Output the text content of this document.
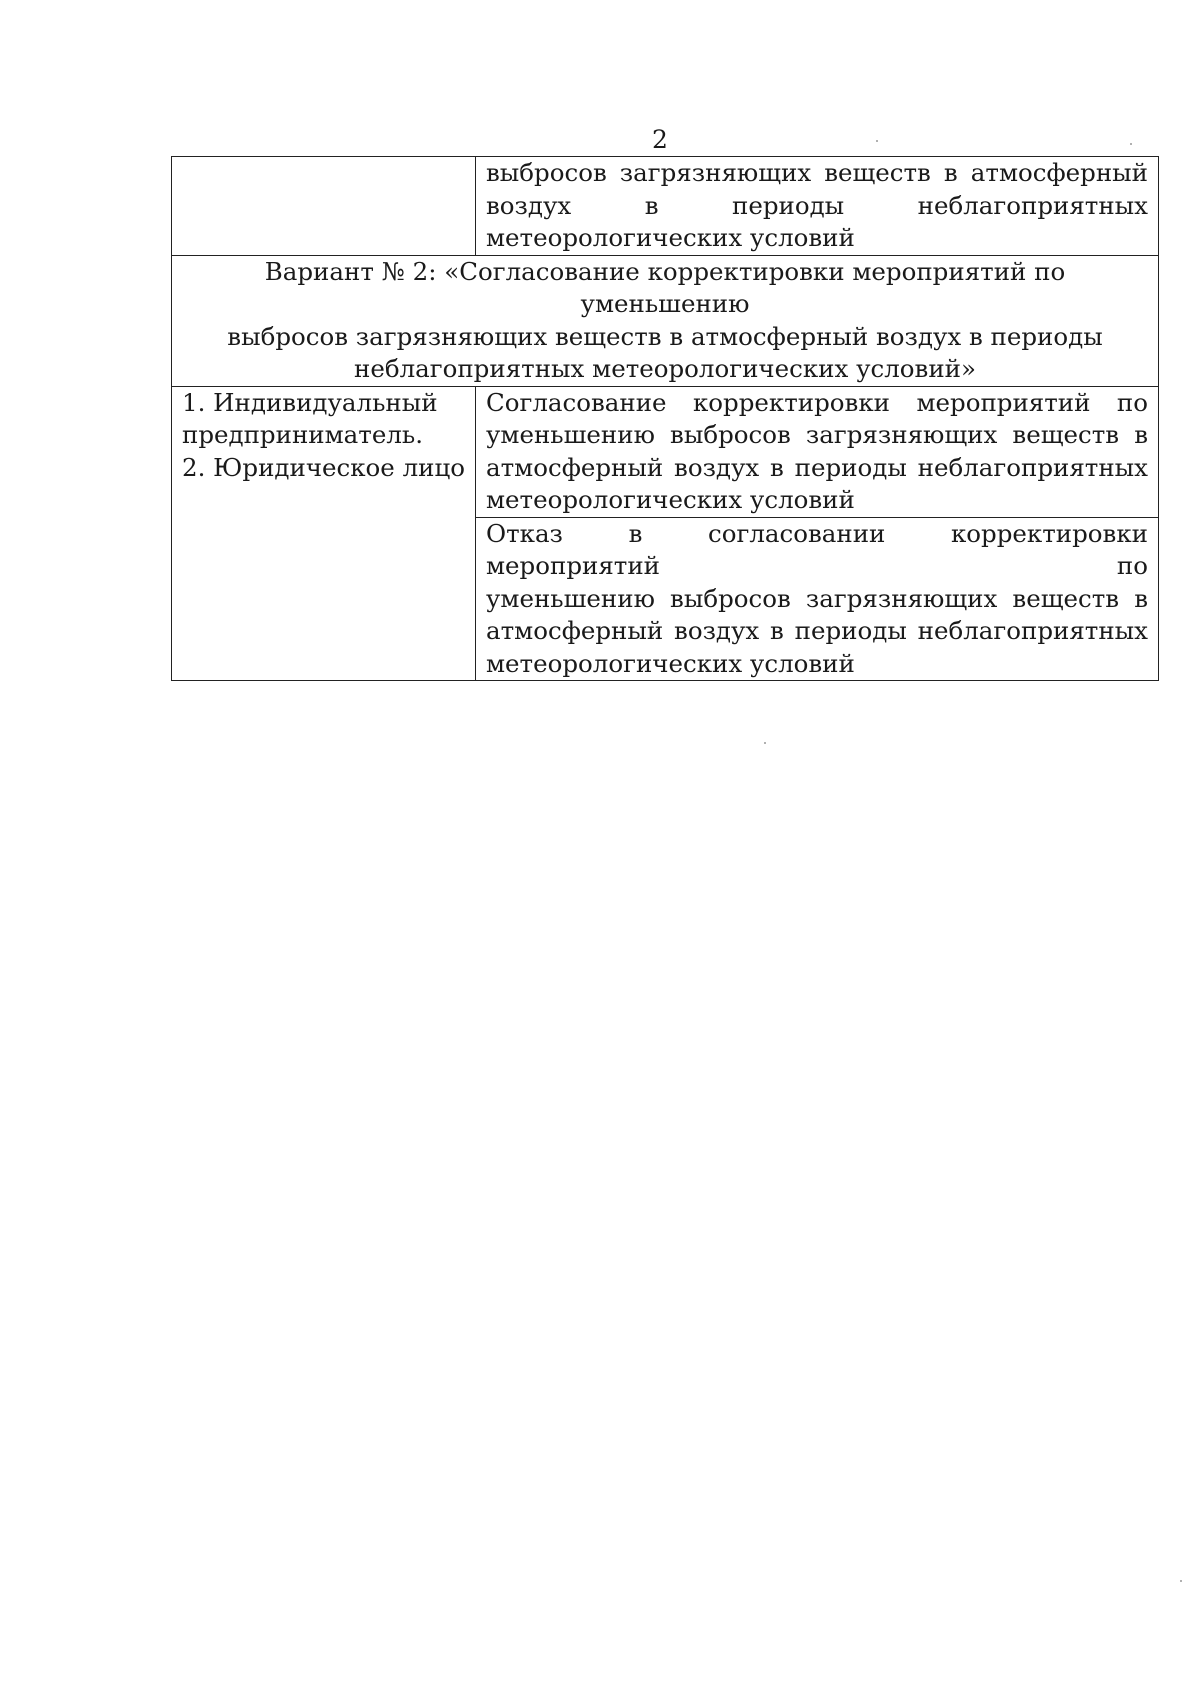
2

	выбросов загрязняющих веществ в атмосферный
воздух в периоды неблагоприятных
метеорологических условий

Вариант № 2: «Согласование корректировки мероприятий по уменьшению
выбросов загрязняющих веществ в атмосферный воздух в периоды
неблагоприятных метеорологических условий»	

1. Индивидуальный
предприниматель.
2. Юридическое лицо	Согласование корректировки мероприятий по
уменьшению выбросов загрязняющих веществ в
атмосферный воздух в периоды неблагоприятных
метеорологических условий

	Отказ в согласовании корректировки мероприятий по
уменьшению выбросов загрязняющих веществ в
атмосферный воздух в периоды неблагоприятных
метеорологических условий
